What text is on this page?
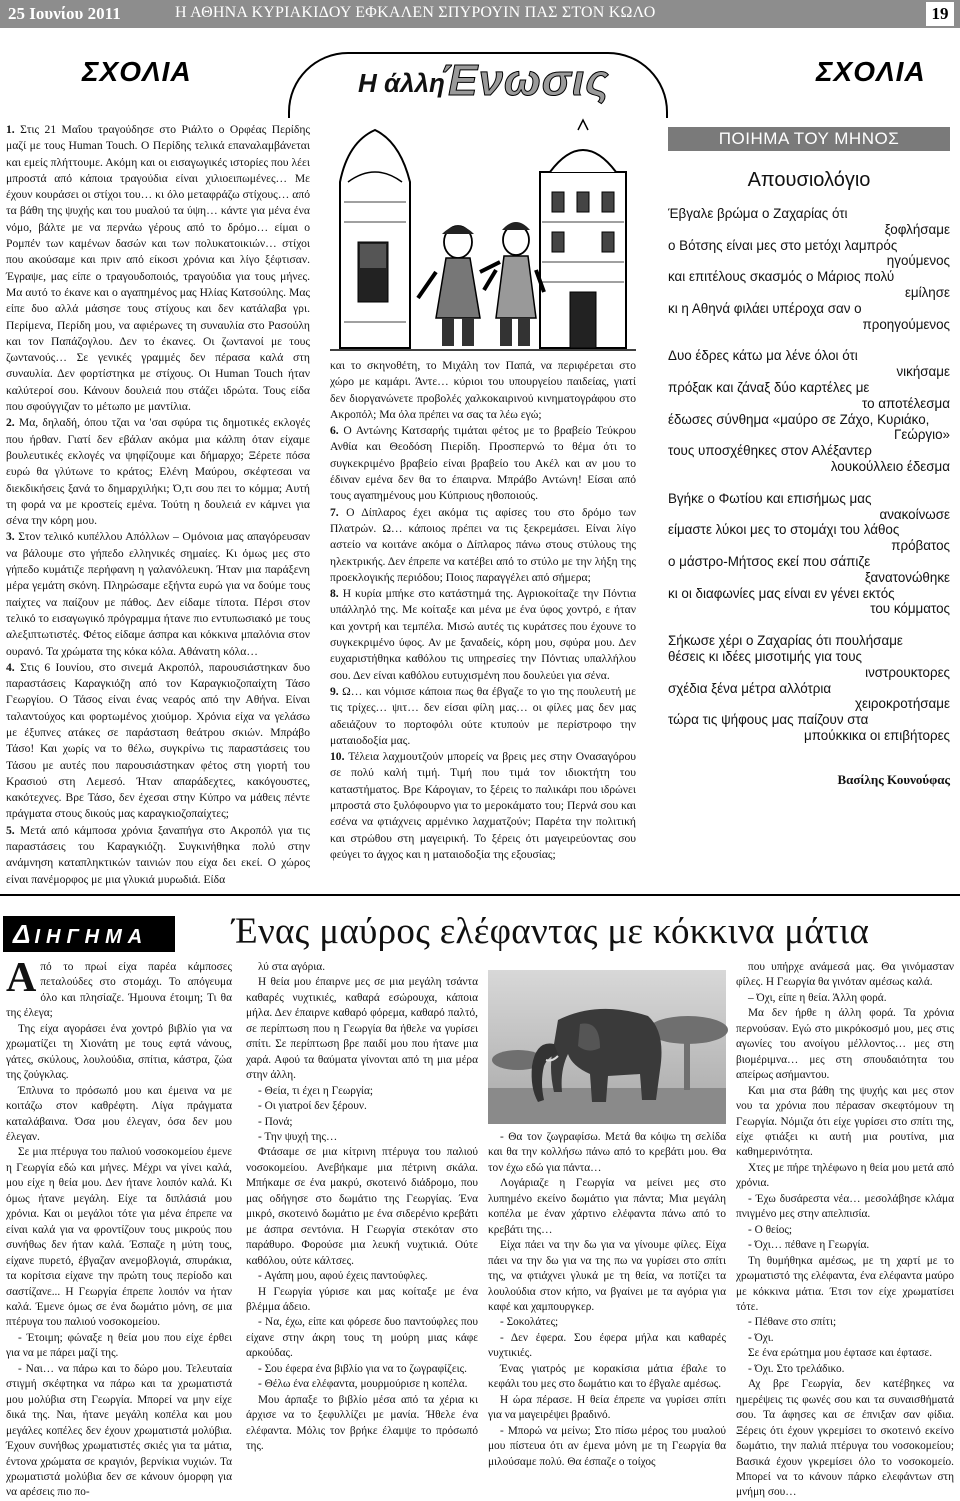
25 Ιουνίου 2011	Η ΑΘΗΝΑ ΚΥΡΙΑΚΙΔΟΥ ΕΦΚΑΛΕΝ ΣΠΥΡΟΥΙΝ ΠΑΣ ΣΤΟΝ ΚΩΛΟ	19
ΣΧΟΛΙΑ	ΣΧΟΛΙΑ
Η άλλη
Ένωσις

1. Στις 21 Μαΐου τραγούδησε στο Ριάλτο ο Ορφέας Περίδης μαζί με τους Human Touch. Ο Περίδης τελικά επαναλαμβάνεται και εμείς πλήττουμε. Ακόμη και οι εισαγωγικές ιστορίες που λέει μπροστά από κάποια τραγούδια είναι χιλιοειπωμένες… Με έχουν κουράσει οι στίχοι του… κι όλο μεταφράζω στίχους… από τα βάθη της ψυχής και του μυαλού τα ύψη… κάντε για μένα ένα νόμο, βάλτε με να περνάω γέρους από το δρόμο… είμαι ο Ρομπέν των καμένων δασών και των πολυκατοικιών… στίχοι που ακούσαμε και πριν από είκοσι χρόνια και λίγο ξέφτισαν. Έγραψε, μας είπε ο τραγουδοποιός, τραγούδια για τους μήνες. Μα αυτό το έκανε και ο αγαπημένος μας Ηλίας Κατσούλης. Μας είπε δυο αλλά μάσησε τους στίχους και δεν κατάλαβα γρι. Περίμενα, Περίδη μου, να αφιέρωνες τη συναυλία στο Ρασούλη και τον Παπάζογλου. Δεν το έκανες. Οι ζωντανοί με τους ζωντανούς… Σε γενικές γραμμές δεν πέρασα καλά στη συναυλία. Δεν φορτίστηκα με στίχους. Οι Human Touch ήταν καλύτεροί σου. Κάνουν δουλειά που στάζει ιδρώτα. Τους είδα που σφούγγιζαν το μέτωπο με μαντίλια.

2. Μα, δηλαδή, όπου τζαι να 'σαι σφύρα τις δημοτικές εκλογές που ήρθαν. Γιατί δεν εβάλαν ακόμα μια κάλπη όταν είχαμε βουλευτικές εκλογές να ψηφίζουμε και δήμαρχο; Ξέρετε πόσα ευρώ θα γλύτωνε το κράτος; Ελένη Μαύρου, σκέφτεσαι να διεκδικήσεις ξανά το δημαρχιλήκι; Ό,τι σου πει το κόμμα; Αυτή τη φορά να με κροστείς εμένα. Τούτη η δουλειά εν κάμνει για σένα την κόρη μου.

3. Στον τελικό κυπέλλου Απόλλων – Ομόνοια μας απαγόρευσαν να βάλουμε στο γήπεδο ελληνικές σημαίες. Κι όμως μες στο γήπεδο κυμάτιζε περήφανη η γαλανόλευκη. Ήταν μια παράξενη μέρα γεμάτη σκόνη. Πληρώσαμε εξήντα ευρώ για να δούμε τους παίχτες να παίζουν με πάθος. Δεν είδαμε τίποτα. Πέρσι στον τελικό το εισαγωγικό πρόγραμμα ήτανε πιο εντυπωσιακό με τους αλεξιπτωτιστές. Φέτος είδαμε άσπρα και κόκκινα μπαλόνια στον ουρανό. Τα χρώματα της κόκα κόλα. Αθάνατη κόλα…

4. Στις 6 Ιουνίου, στο σινεμά Ακροπόλ, παρουσιάστηκαν δυο παραστάσεις Καραγκιόζη από τον Καραγκιοζοπαίχτη Τάσο Γεωργίου. Ο Τάσος είναι ένας νεαρός από την Αθήνα. Είναι ταλαντούχος και φορτωμένος χιούμορ. Χρόνια είχα να γελάσω με έξυπνες ατάκες σε παράσταση θεάτρου σκιών. Μπράβο Τάσο! Και χωρίς να το θέλω, συγκρίνω τις παραστάσεις του Τάσου με αυτές που παρουσιάστηκαν φέτος στη γιορτή του Κρασιού στη Λεμεσό. Ήταν απαράδεχτες, κακόγουστες, κακότεχνες. Βρε Τάσο, δεν έχεσαι στην Κύπρο να μάθεις πέντε πράγματα στους δικούς μας καραγκιοζοπαίχτες;

5. Μετά από κάμποσα χρόνια ξαναπήγα στο Ακροπόλ για τις παραστάσεις του Καραγκιόζη. Συγκινήθηκα πολύ στην ανάμνηση καταπληκτικών ταινιών που είχα δει εκεί. Ο χώρος είναι πανέμορφος με μια γλυκιά μυρωδιά. Είδα

και το σκηνοθέτη, το Μιχάλη τον Παπά, να περιφέρεται στο χώρο με καμάρι. Άντε… κύριοι του υπουργείου παιδείας, γιατί δεν διοργανώνετε προβολές χαλκοκαιρινού κινηματογράφου στο Ακροπόλ; Μα όλα πρέπει να σας τα λέω εγώ;

6. Ο Αντώνης Κατσαρής τιμάται φέτος με το βραβείο Τεύκρου Ανθία και Θεοδόση Πιερίδη. Προσπερνώ το θέμα ότι το συγκεκριμένο βραβείο είναι βραβείο του Ακέλ και αν μου το έδιναν εμένα δεν θα το έπαιρνα. Μπράβο Αντώνη! Είσαι από τους αγαπημένους μου Κύπριους ηθοποιούς.

7. Ο Δίπλαρος έχει ακόμα τις αφίσες του στο δρόμο των Πλατρών. Ω… κάποιος πρέπει να τις ξεκρεμάσει. Είναι λίγο αστείο να κοιτάνε ακόμα ο Δίπλαρος πάνω στους στύλους της ηλεκτρικής. Δεν έπρεπε να κατέβει από το στύλο με την λήξη της προεκλογικής περιόδου; Ποιος παραγγέλει από σήμερα;

8. Η κυρία μπήκε στο κατάστημά της. Αγριοκοίταζε την Πόντια υπάλληλό της. Με κοίταξε και μένα με ένα ύφος χοντρό, ε ήταν και χοντρή και τεμπέλα. Μισώ αυτές τις κυράτσες που έχουνε το συγκεκριμένο ύφος. Αν με ξαναδείς, κόρη μου, σφύρα μου. Δεν ευχαριστήθηκα καθόλου τις υπηρεσίες την Πόντιας υπαλλήλου σου. Δεν είναι καθόλου ευτυχισμένη που δουλεύει για σένα.

9. Ω… και νόμισε κάποια πως θα έβγαζε το γιο της πουλευτή με τις τρίχες… ψιτ… δεν είσαι φίλη μας… οι φίλες μας δεν μας αδειάζουν το πορτοφόλι ούτε κτυπούν με περίστροφο την ματαιοδοξία μας.

10. Τέλεια λαχμουτζούν μπορείς να βρεις μες στην Ονασαγόρου σε πολύ καλή τιμή. Τιμή που τιμά τον ιδιοκτήτη του καταστήματος. Βρε Κάρογιαν, το ξέρεις το παλικάρι που ιδρώνει μπροστά στο ξυλόφουρνο για το μεροκάματο του; Περνά σου και εσένα να φτιάχνεις αρμένικο λαχματζούν; Παρέτα την πολιτική και στρώθου στη μαγειρική. Το ξέρεις ότι μαγειρεύοντας σου φεύγει το άγχος και η ματαιοδοξία της εξουσίας;

ΠΟΙΗΜΑ ΤΟΥ ΜΗΝΟΣ
Απουσιολόγιο
Έβγαλε βρώμα ο Ζαχαρίας ότι
ξοφλήσαμε
ο Βότσης είναι μες στο μετόχι λαμπρός
ηγούμενος
και επιτέλους σκασμός ο Μάριος πολύ
εμίλησε
κι η Αθηνά φιλάει υπέροχα σαν ο
προηγούμενος
Δυο έδρες κάτω μα λένε όλοι ότι
νικήσαμε
πρόξακ και ζάναξ δύο καρτέλες με
το αποτέλεσμα
έδωσες σύνθημα «μαύρο σε Ζάχο, Κυριάκο,
Γεώργιο»
τους υποσχέθηκες στον Αλέξαντερ
λουκούλλειο έδεσμα
Βγήκε ο Φωτίου και επισήμως μας
ανακοίνωσε
είμαστε λύκοι μες το στομάχι του λάθος
πρόβατος
ο μάστρο-Μήτσος εκεί που σάπιζε
ξανατονώθηκε
κι οι διαφωνίες μας είναι εν γένει εκτός
του κόμματος
Σήκωσε χέρι ο Ζαχαρίας ότι πουλήσαμε
θέσεις κι ιδέες μισοτιμής για τους
ινστρουκτορες
σχέδια ξένα μέτρα αλλότρια
χειροκροτήσαμε
τώρα τις ψήφους μας παίζουν στα
μπούκκικα οι επιβήτορες
Βασίλης Κουνούφας
ΔΙΗΓΗΜΑ	Ένας μαύρος ελέφαντας με κόκκινα μάτια

Από το πρωί είχα παρέα κάμποσες πεταλούδες στο στομάχι. Το απόγευμα όλο και πλησίαζε. Ήμουνα έτοιμη; Τι θα της έλεγα;

Της είχα αγοράσει ένα χοντρό βιβλίο για να χρωματίζει τη Χιονάτη με τους εφτά νάνους, γάτες, σκύλους, λουλούδια, σπίτια, κάστρα, ζώα της ζούγκλας.

Έπλυνα το πρόσωπό μου και έμεινα να με κοιτάζω στον καθρέφτη. Λίγα πράγματα καταλάβαινα. Όσα μου έλεγαν, όσα δεν μου έλεγαν.

Σε μια πτέρυγα του παλιού νοσοκομείου έμενε η Γεωργία εδώ και μήνες. Μέχρι να γίνει καλά, μου είχε η θεία μου. Δεν ήτανε λοιπόν καλά. Κι όμως ήτανε μεγάλη. Είχε τα διπλάσιά μου χρόνια. Και οι μεγάλοι τότε για μένα έπρεπε να είναι καλά για να φροντίζουν τους μικρούς που συνήθως δεν ήταν καλά. Έσπαζε η μύτη τους, είχανε πυρετό, έβγαζαν ανεμοβλογιά, σπυράκια, τα κορίτσια είχανε την πρώτη τους περίοδο και σαστίζανε... Η Γεωργία έπρεπε λοιπόν να ήταν καλά. Έμενε όμως σε ένα δωμάτιο μόνη, σε μια πτέρυγα του παλιού νοσοκομείου.

- Έτοιμη; φώναξε η θεία μου που είχε έρθει για να με πάρει μαζί της.

- Ναι… να πάρω και το δώρο μου. Τελευταία στιγμή σκέφτηκα να πάρω και τα χρωματιστά μου μολύβια στη Γεωργία. Μπορεί να μην είχε δικά της. Ναι, ήτανε μεγάλη κοπέλα και μου μεγάλες κοπέλες δεν έχουν χρωματιστά μολύβια. Έχουν συνήθως χρωματιστές σκιές για τα μάτια, έντονα χρώματα σε κραγιόν, βερνίκια νυχιών. Τα χρωματιστά μολύβια δεν σε κάνουν όμορφη για να αρέσεις πιο πο-

λύ στα αγόρια.

Η θεία μου έπαιρνε μες σε μια μεγάλη τσάντα καθαρές νυχτικιές, καθαρά εσώρουχα, κάποια μήλα. Δεν έπαιρνε καθαρό φόρεμα, καθαρό παλτό, σε περίπτωση που η Γεωργία θα ήθελε να γυρίσει σπίτι. Σε περίπτωση βρε παιδί μου που ήτανε μια χαρά. Αφού τα θαύματα γίνονται από τη μια μέρα στην άλλη.

- Θεία, τι έχει η Γεωργία;

- Οι γιατροί δεν ξέρουν.

- Πονά;

- Την ψυχή της…

Φτάσαμε σε μια κίτρινη πτέρυγα του παλιού νοσοκομείου. Ανεβήκαμε μια πέτρινη σκάλα. Μπήκαμε σε ένα μακρύ, σκοτεινό διάδρομο, που μας οδήγησε στο δωμάτιο της Γεωργίας. Ένα μικρό, σκοτεινό δωμάτιο με ένα σιδερένιο κρεβάτι με άσπρα σεντόνια. Η Γεωργία στεκόταν στο παράθυρο. Φορούσε μια λευκή νυχτικιά. Ούτε καθόλου, ούτε κάλτσες.

- Αγάπη μου, αφού έχεις παντούφλες.

Η Γεωργία γύρισε και μας κοίταξε με ένα βλέμμα άδειο.

- Να, έχω, είπε και φόρεσε δυο παντούφλες που είχανε στην άκρη τους τη μούρη μιας κάφε αρκούδας.

- Σου έφερα ένα βιβλίο για να το ζωγραφίζεις.

- Θέλω ένα ελέφαντα, μουρμούρισε η κοπέλα.

Μου άρπαξε το βιβλίο μέσα από τα χέρια κι άρχισε να το ξεφυλλίζει με μανία. Ήθελε ένα ελέφαντα. Μόλις τον βρήκε έλαμψε το πρόσωπό της.

- Θα τον ζωγραφίσω. Μετά θα κόψω τη σελίδα και θα την κολλήσω πάνω από το κρεβάτι μου. Θα τον έχω εδώ για πάντα…

Λογάριαζε η Γεωργία να μείνει μες στο λυπημένο εκείνο δωμάτιο για πάντα; Μια μεγάλη κοπέλα με έναν χάρτινο ελέφαντα πάνω από το κρεβάτι της…

Είχα πάει να την δω για να γίνουμε φίλες. Είχα πάει να την δω για να της πω να γυρίσει στο σπίτι της, να φτιάχνει γλυκά με τη θεία, να ποτίζει τα λουλούδια στον κήπο, να βγαίνει με τα αγόρια για καφέ και χαμπουργκερ.

- Σοκολάτες;

- Δεν έφερα. Σου έφερα μήλα και καθαρές νυχτικιές.

Ένας γιατρός με κορακίσια μάτια έβαλε το κεφάλι του μες στο δωμάτιο και το έβγαλε αμέσως.

Η ώρα πέρασε. Η θεία έπρεπε να γυρίσει σπίτι για να μαγειρέψει βραδινό.

- Μπορώ να μείνω; Στο πίσω μέρος του μυαλού μου πίστευα ότι αν έμενα μόνη με τη Γεωργία θα μιλούσαμε πολύ. Θα έσπαζε ο τοίχος

που υπήρχε ανάμεσά μας. Θα γινόμασταν φίλες. Η Γεωργία θα γινόταν αμέσως καλά.

– Όχι, είπε η θεία. Άλλη φορά.

Μα δεν ήρθε η άλλη φορά. Τα χρόνια περνούσαν. Εγώ στο μικρόκοσμό μου, μες στις αγωνίες του ανοίγου μέλλοντος… μες στη βιομέριμνα… μες στη σπουδαιότητα του απείρως ασήμαντου.

Και μια στα βάθη της ψυχής και μες στον νου τα χρόνια που πέρασαν σκεφτόμουν τη Γεωργία. Νόμιζα ότι είχε γυρίσει στο σπίτι της, είχε φτιάξει κι αυτή μια ρουτίνα, μια καθημερινότητα.

Χτες με πήρε τηλέφωνο η θεία μου μετά από χρόνια.

- Έχω δυσάρεστα νέα… μεσολάβησε κλάμα πνιγμένο μες στην απελπισία.

- Ο θείος;

- Όχι… πέθανε η Γεωργία.

Τη θυμήθηκα αμέσως, με τη χαρτί με το χρωματιστό της ελέφαντα, ένα ελέφαντα μαύρο με κόκκινα μάτια. Έτσι τον είχε χρωματίσει τότε.

- Πέθανε στο σπίτι;

- Όχι.

Σε ένα ερώτημα μου έφτασε και έφτασε.

- Όχι. Στο τρελάδικο.

Αχ βρε Γεωργία, δεν κατέβηκες να ημερέψεις τις φωνές σου και τα συναισθήματά σου. Τα άφησες και σε έπνιξαν σαν φίδια. Ξέρεις ότι έχουν γκρεμίσει το σκοτεινό εκείνο δωμάτιο, την παλιά πτέρυγα του νοσοκομείου; Βασικά έχουν γκρεμίσει όλο το νοσοκομείο. Μπορεί να το κάνουν πάρκο ελεφάντων στη μνήμη σου…
